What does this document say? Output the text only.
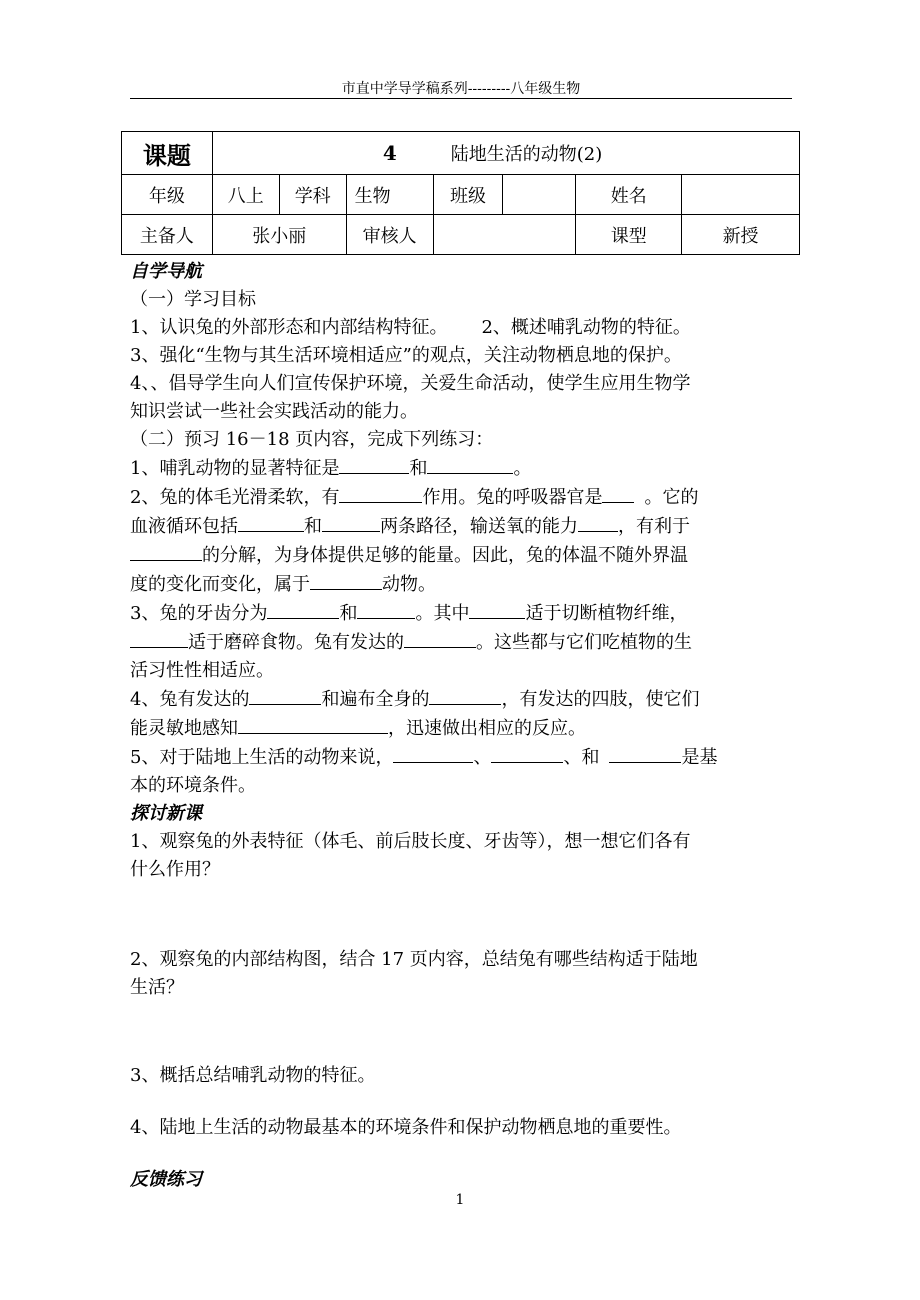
市直中学导学稿系列---------八年级生物
课题	4 陆地生活的动物(2)						
年级	八上	学科	生物	班级		姓名	
主备人	张小丽		审核人			课型	新授

自学导航

（一）学习目标

1、认识兔的外部形态和内部结构特征。 2、概述哺乳动物的特征。

3、强化“生物与其生活环境相适应”的观点，关注动物栖息地的保护。

4、、倡导学生向人们宣传保护环境，关爱生命活动，使学生应用生物学

知识尝试一些社会实践活动的能力。

（二）预习 16－18 页内容，完成下列练习：

1、哺乳动物的显著特征是	和	。

2、兔的体毛光滑柔软，有	作用。兔的呼吸器官是 。它的

血液循环包括	和	两条路径，输送氧的能力 ，有利于

的分解，为身体提供足够的能量。因此，兔的体温不随外界温

度的变化而变化，属于	动物。

3、兔的牙齿分为	和	。其中	适于切断植物纤维，

适于磨碎食物。兔有发达的	。这些都与它们吃植物的生

活习性性相适应。

4、兔有发达的	和遍布全身的	，有发达的四肢，使它们

能灵敏地感知	，迅速做出相应的反应。

5、对于陆地上生活的动物来说，	、	、和	是基

本的环境条件。

探讨新课

1、观察兔的外表特征（体毛、前后肢长度、牙齿等），想一想它们各有

什么作用？

2、观察兔的内部结构图，结合 17 页内容，总结兔有哪些结构适于陆地

生活？

3、概括总结哺乳动物的特征。

4、陆地上生活的动物最基本的环境条件和保护动物栖息地的重要性。

反馈练习

1
